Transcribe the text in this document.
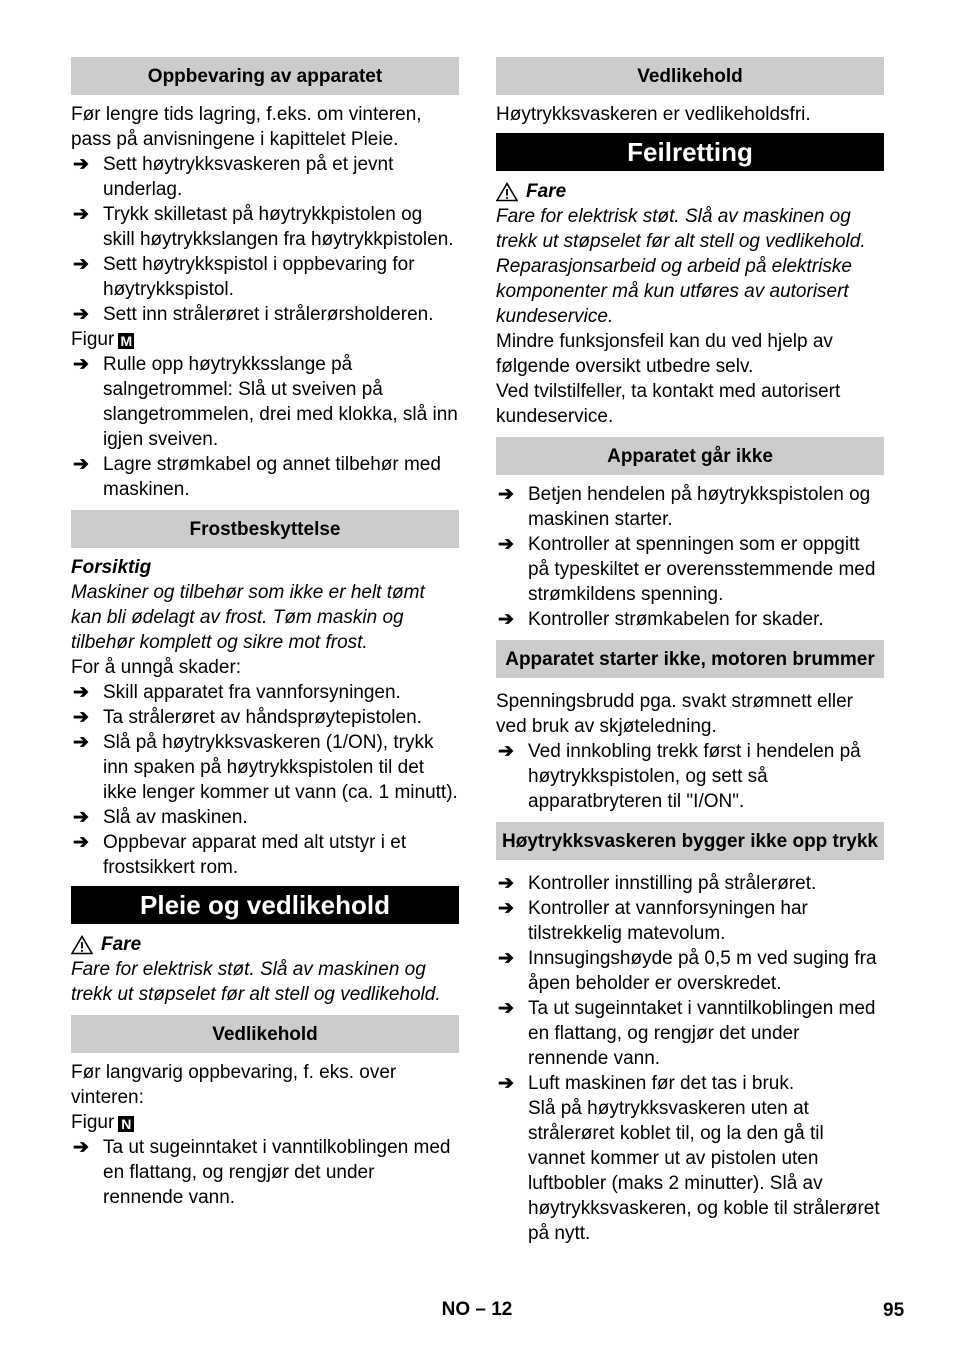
Oppbevaring av apparatet

Før lengre tids lagring, f.eks. om vinteren, pass på anvisningene i kapittelet Pleie.

➔ Sett høytrykksvaskeren på et jevnt underlag.
➔ Trykk skilletast på høytrykkpistolen og skill høytrykkslangen fra høytrykkpistolen.
➔ Sett høytrykkspistol i oppbevaring for høytrykkspistol.
➔ Sett inn strålerøret i strålerørsholderen.

Figur M

➔ Rulle opp høytrykksslange på salngetrommel: Slå ut sveiven på slangetrommelen, drei med klokka, slå inn igjen sveiven.
➔ Lagre strømkabel og annet tilbehør med maskinen.
Frostbeskyttelse

Forsiktig

Maskiner og tilbehør som ikke er helt tømt kan bli ødelagt av frost. Tøm maskin og tilbehør komplett og sikre mot frost.

For å unngå skader:

➔ Skill apparatet fra vannforsyningen.
➔ Ta strålerøret av håndsprøytepistolen.
➔ Slå på høytrykksvaskeren (1/ON), trykk inn spaken på høytrykkspistolen til det ikke lenger kommer ut vann (ca. 1 minutt).
➔ Slå av maskinen.
➔ Oppbevar apparat med alt utstyr i et frostsikkert rom.
Pleie og vedlikehold

Fare

Fare for elektrisk støt. Slå av maskinen og trekk ut støpselet før alt stell og vedlikehold.

Vedlikehold

Før langvarig oppbevaring, f. eks. over vinteren:

Figur N

➔ Ta ut sugeinntaket i vanntilkoblingen med en flattang, og rengjør det under rennende vann.
Vedlikehold

Høytrykksvaskeren er vedlikeholdsfri.

Feilretting

Fare

Fare for elektrisk støt. Slå av maskinen og trekk ut støpselet før alt stell og vedlikehold.

Reparasjonsarbeid og arbeid på elektriske komponenter må kun utføres av autorisert kundeservice.

Mindre funksjonsfeil kan du ved hjelp av følgende oversikt utbedre selv.

Ved tvilstilfeller, ta kontakt med autorisert kundeservice.

Apparatet går ikke
➔ Betjen hendelen på høytrykkspistolen og maskinen starter.
➔ Kontroller at spenningen som er oppgitt på typeskiltet er overensstemmende med strømkildens spenning.
➔ Kontroller strømkabelen for skader.
Apparatet starter ikke, motoren brummer

Spenningsbrudd pga. svakt strømnett eller ved bruk av skjøteledning.

➔ Ved innkobling trekk først i hendelen på høytrykkspistolen, og sett så apparatbryteren til "I/ON".
Høytrykksvaskeren bygger ikke opp trykk
➔ Kontroller innstilling på strålerøret.
➔ Kontroller at vannforsyningen har tilstrekkelig matevolum.
➔ Innsugingshøyde på 0,5 m ved suging fra åpen beholder er overskredet.
➔ Ta ut sugeinntaket i vanntilkoblingen med en flattang, og rengjør det under rennende vann.
➔ Luft maskinen før det tas i bruk.

Slå på høytrykksvaskeren uten at strålerøret koblet til, og la den gå til vannet kommer ut av pistolen uten luftbobler (maks 2 minutter). Slå av høytrykksvaskeren, og koble til strålerøret på nytt.

NO – 12	95
